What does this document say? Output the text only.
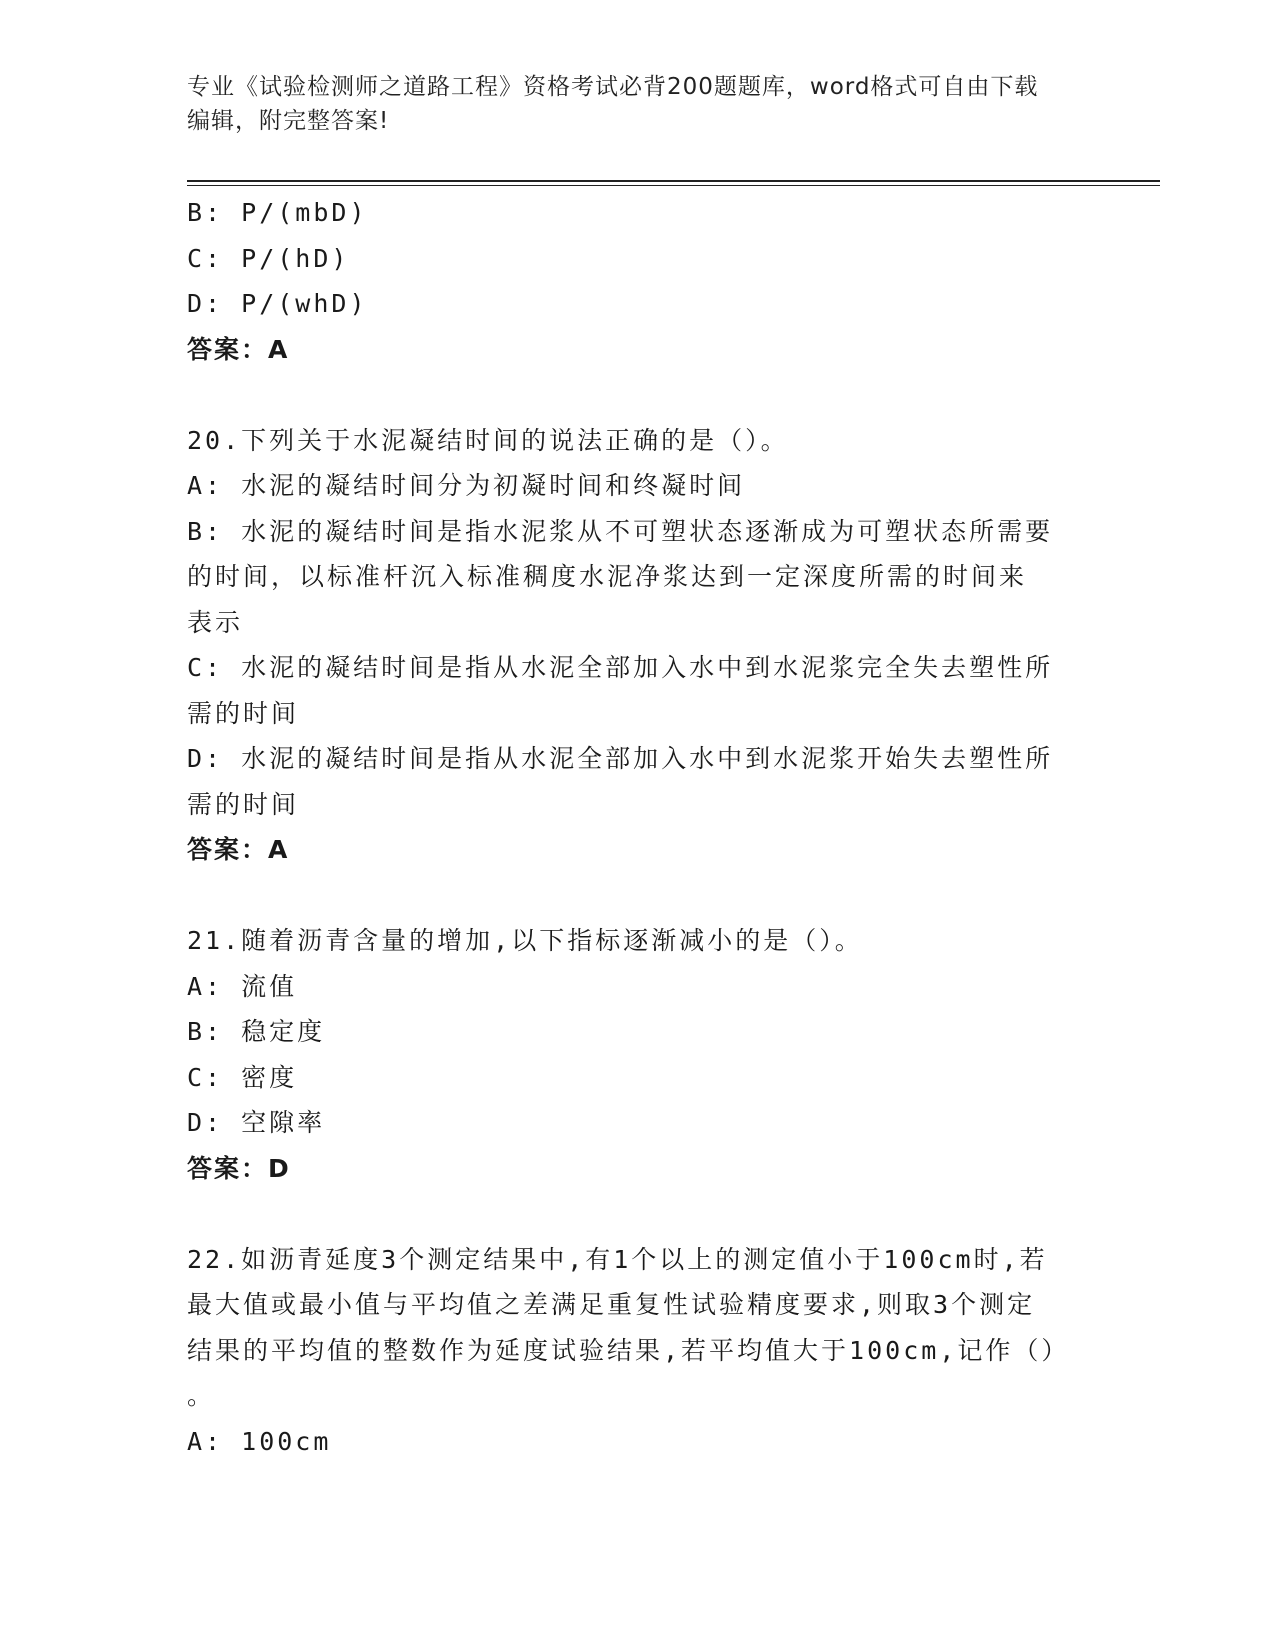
专业《试验检测师之道路工程》资格考试必背200题题库，word格式可自由下载
编辑，附完整答案!
B: P/(mbD)
C: P/(hD)
D: P/(whD)
答案：A
20.下列关于水泥凝结时间的说法正确的是（）。
A: 水泥的凝结时间分为初凝时间和终凝时间
B: 水泥的凝结时间是指水泥浆从不可塑状态逐渐成为可塑状态所需要
的时间，以标准杆沉入标准稠度水泥净浆达到一定深度所需的时间来
表示
C: 水泥的凝结时间是指从水泥全部加入水中到水泥浆完全失去塑性所
需的时间
D: 水泥的凝结时间是指从水泥全部加入水中到水泥浆开始失去塑性所
需的时间
答案：A
21.随着沥青含量的增加,以下指标逐渐减小的是（）。
A: 流值
B: 稳定度
C: 密度
D: 空隙率
答案：D
22.如沥青延度3个测定结果中,有1个以上的测定值小于100cm时,若
最大值或最小值与平均值之差满足重复性试验精度要求,则取3个测定
结果的平均值的整数作为延度试验结果,若平均值大于100cm,记作（）
。
A: 100cm
